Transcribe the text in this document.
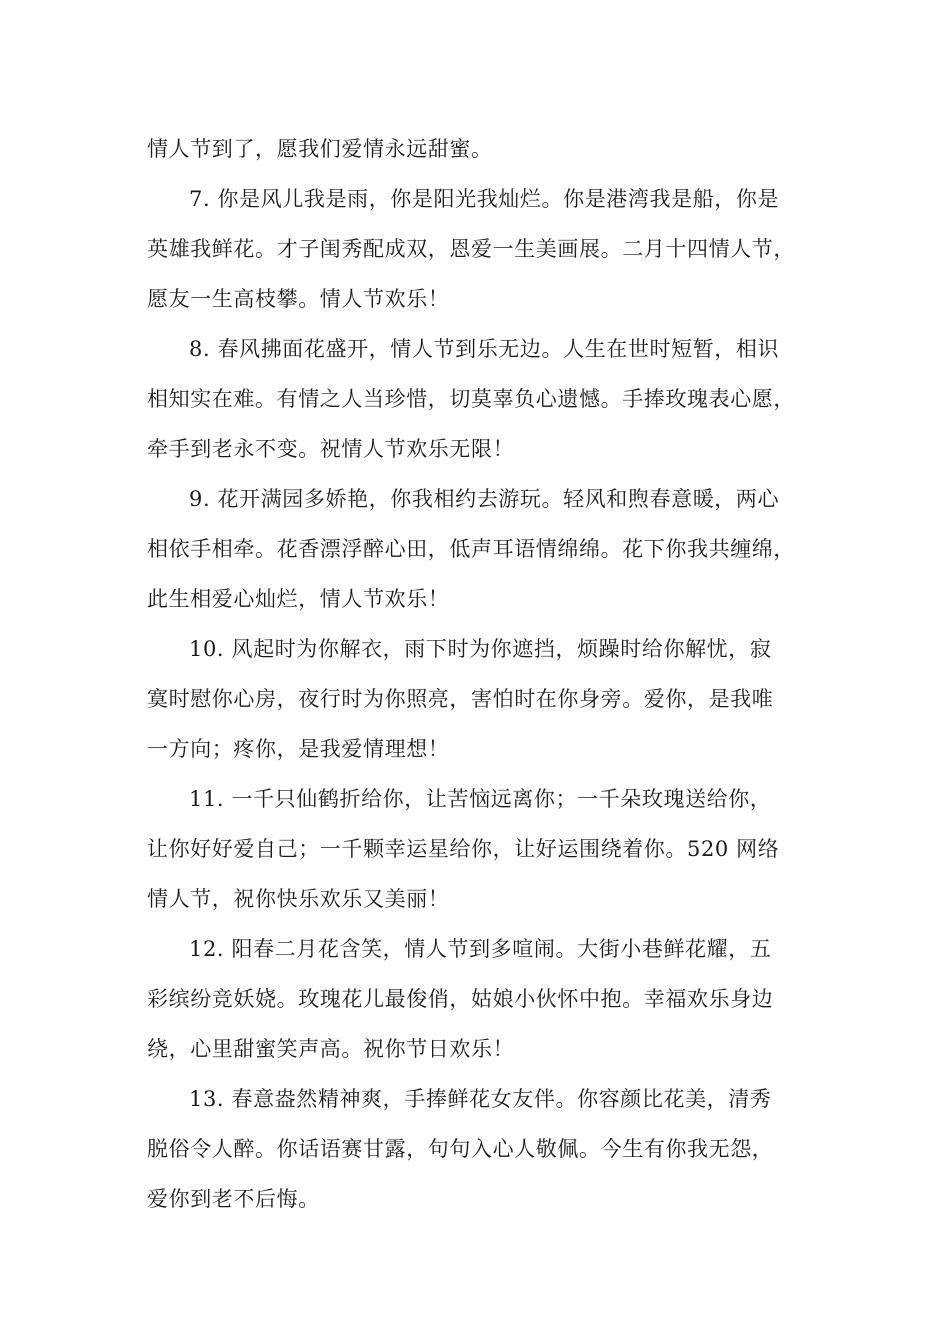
情人节到了，愿我们爱情永远甜蜜。

7. 你是风儿我是雨，你是阳光我灿烂。你是港湾我是船，你是
英雄我鲜花。才子闺秀配成双，恩爱一生美画展。二月十四情人节，
愿友一生高枝攀。情人节欢乐！

8. 春风拂面花盛开，情人节到乐无边。人生在世时短暂，相识
相知实在难。有情之人当珍惜，切莫辜负心遗憾。手捧玫瑰表心愿，
牵手到老永不变。祝情人节欢乐无限！

9. 花开满园多娇艳，你我相约去游玩。轻风和煦春意暖，两心
相依手相牵。花香漂浮醉心田，低声耳语情绵绵。花下你我共缠绵，
此生相爱心灿烂，情人节欢乐！

10. 风起时为你解衣，雨下时为你遮挡，烦躁时给你解忧，寂
寞时慰你心房，夜行时为你照亮，害怕时在你身旁。爱你，是我唯
一方向；疼你，是我爱情理想！

11. 一千只仙鹤折给你，让苦恼远离你；一千朵玫瑰送给你，
让你好好爱自己；一千颗幸运星给你，让好运围绕着你。520 网络
情人节，祝你快乐欢乐又美丽！

12. 阳春二月花含笑，情人节到多喧闹。大街小巷鲜花耀，五
彩缤纷竞妖娆。玫瑰花儿最俊俏，姑娘小伙怀中抱。幸福欢乐身边
绕，心里甜蜜笑声高。祝你节日欢乐！

13. 春意盎然精神爽，手捧鲜花女友伴。你容颜比花美，清秀
脱俗令人醉。你话语赛甘露，句句入心人敬佩。今生有你我无怨，
爱你到老不后悔。
